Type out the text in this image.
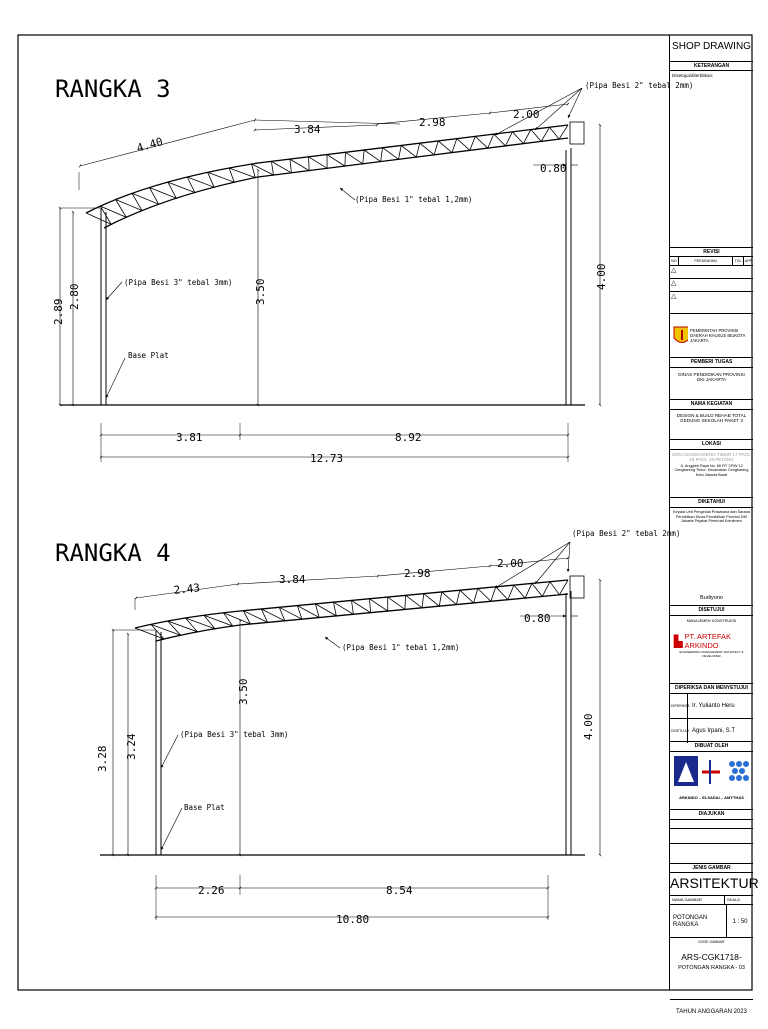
RANGKA 3
4.40
3.84
2.98
2.00
0.80
2.89
2.80	3.50
4.00
3.81	8.92
12.73
(Pipa Besi 2" tebal 2mm)
(Pipa Besi 1" tebal 1,2mm)
(Pipa Besi 3" tebal 3mm)
Base Plat
RANGKA 4
2.43
3.84	2.98
2.00
0.80
3.28 3.24
3.50
4.00
2.26	8.54
10.80
(Pipa Besi 2" tebal 2mm)
(Pipa Besi 1" tebal 1,2mm)
(Pipa Besi 3" tebal 3mm)
Base Plat
SHOP DRAWING
KETERANGAN
Disetujui/diterbitkan:
REVISI
NO	PERUBAHAN	TGL APP
△
△
△
PEMERINTAH PROVINSI
DAERAH KHUSUS IBUKOTA JAKARTA
PEMBERI TUGAS
DINAS PENDIDIKAN PROVINSI DKI JAKARTA
NAMA KEGIATAN
DESIGN & BUILD REHAB TOTAL GEDUNG SEKOLAH PAKET 3
LOKASI
SDN CENGKARENG TIMUR 17 PAGI, 18 PAGI, 19 PETANG
Jl. Anggrek Raya No. 66 RT 7/RW 12 Cengkareng Timur, Kecamatan Cengkareng Kota Jakarta Barat
DIKETAHUI
Kepala Unit Pengelola Prasarana dan Sarana Pendidikan Dinas Pendidikan Provinsi DKI Jakarta Pejabat Pembuat Komitmen
Budiyono
DISETUJUI
MANAJEMEN KONSTRUKSI
▙ PT. ARTEFAK ARKINDO
ENGINEERING MANAGEMENT ARCHITECT & DEVELOPER
DIPERIKSA DAN MENYETUJUI
DIPERIKSA Ir. Yulianto Heru
DISETUJUI Agus Irpani, S.T
DIBUAT OLEH
ARKINDO – ELSADAI – AMYTHAS
DIAJUKAN
JENIS GAMBAR
ARSITEKTUR
NAMA GAMBAR	SKALA
POTONGAN RANGKA	1 : 50
KODE GAMBAR
ARS-CGK1718-
POTONGAN RANGKA - 03
TAHUN ANGGARAN 2023
